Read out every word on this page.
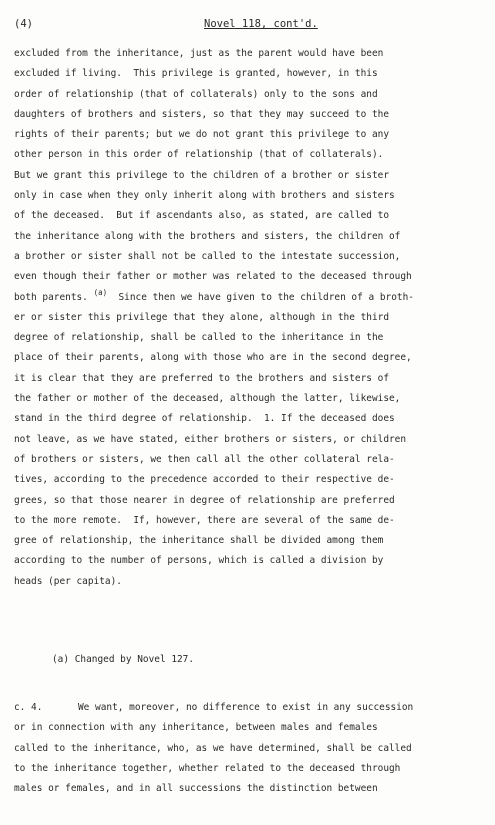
(4)	Novel 118, cont'd.
excluded from the inheritance, just as the parent would have been
excluded if living.  This privilege is granted, however, in this
order of relationship (that of collaterals) only to the sons and
daughters of brothers and sisters, so that they may succeed to the
rights of their parents; but we do not grant this privilege to any
other person in this order of relationship (that of collaterals).
But we grant this privilege to the children of a brother or sister
only in case when they only inherit along with brothers and sisters
of the deceased.  But if ascendants also, as stated, are called to
the inheritance along with the brothers and sisters, the children of
a brother or sister shall not be called to the intestate succession,
even though their father or mother was related to the deceased through
both parents. $^{(a)}$  Since then we have given to the children of a broth-
er or sister this privilege that they alone, although in the third
degree of relationship, shall be called to the inheritance in the
place of their parents, along with those who are in the second degree,
it is clear that they are preferred to the brothers and sisters of
the father or mother of the deceased, although the latter, likewise,
stand in the third degree of relationship.  1. If the deceased does
not leave, as we have stated, either brothers or sisters, or children
of brothers or sisters, we then call all the other collateral rela-
tives, according to the precedence accorded to their respective de-
grees, so that those nearer in degree of relationship are preferred
to the more remote.  If, however, there are several of the same de-
gree of relationship, the inheritance shall be divided among them
according to the number of persons, which is called a division by
heads (per capita).
(a) Changed by Novel 127.
c. 4.	We want, moreover, no difference to exist in any succession
or in connection with any inheritance, between males and females
called to the inheritance, who, as we have determined, shall be called
to the inheritance together, whether related to the deceased through
males or females, and in all successions the distinction between
